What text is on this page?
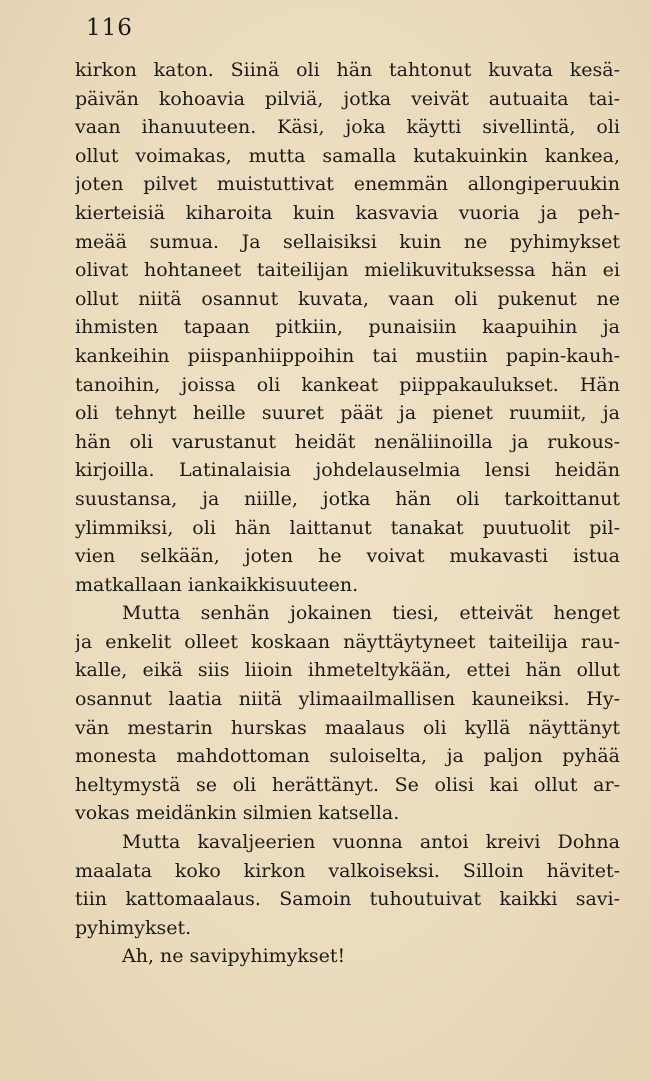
116
kirkon katon. Siinä oli hän tahtonut kuvata kesä-
päivän kohoavia pilviä, jotka veivät autuaita tai-
vaan ihanuuteen. Käsi, joka käytti sivellintä, oli
ollut voimakas, mutta samalla kutakuinkin kankea,
joten pilvet muistuttivat enemmän allongiperuukin
kierteisiä kiharoita kuin kasvavia vuoria ja peh-
meää sumua. Ja sellaisiksi kuin ne pyhimykset
olivat hohtaneet taiteilijan mielikuvituksessa hän ei
ollut niitä osannut kuvata, vaan oli pukenut ne
ihmisten tapaan pitkiin, punaisiin kaapuihin ja
kankeihin piispanhiippoihin tai mustiin papin-kauh-
tanoihin, joissa oli kankeat piippakaulukset. Hän
oli tehnyt heille suuret päät ja pienet ruumiit, ja
hän oli varustanut heidät nenäliinoilla ja rukous-
kirjoilla. Latinalaisia johdelauselmia lensi heidän
suustansa, ja niille, jotka hän oli tarkoittanut
ylimmiksi, oli hän laittanut tanakat puutuolit pil-
vien selkään, joten he voivat mukavasti istua
matkallaan iankaikkisuuteen.
Mutta senhän jokainen tiesi, etteivät henget
ja enkelit olleet koskaan näyttäytyneet taiteilija rau-
kalle, eikä siis liioin ihmeteltykään, ettei hän ollut
osannut laatia niitä ylimaailmallisen kauneiksi. Hy-
vän mestarin hurskas maalaus oli kyllä näyttänyt
monesta mahdottoman suloiselta, ja paljon pyhää
heltymystä se oli herättänyt. Se olisi kai ollut ar-
vokas meidänkin silmien katsella.
Mutta kavaljeerien vuonna antoi kreivi Dohna
maalata koko kirkon valkoiseksi. Silloin hävitet-
tiin kattomaalaus. Samoin tuhoutuivat kaikki savi-
pyhimykset.
Ah, ne savipyhimykset!
